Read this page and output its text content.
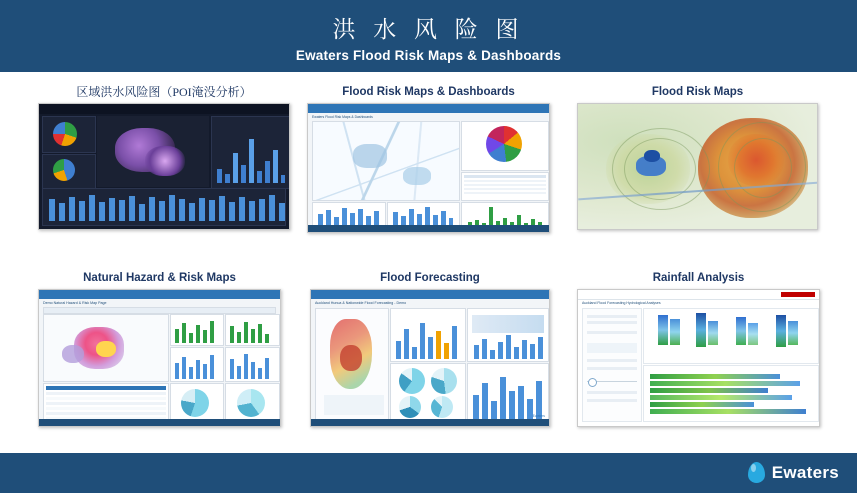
洪 水 风 险 图
Ewaters Flood Risk Maps & Dashboards
区域洪水风险图（POI淹没分析）	Flood Risk Maps & Dashboards
Ewaters Flood Risk Maps & Dashboards
Flood Risk Maps
Natural Hazard & Risk Maps
Demo Natural Hazard & Risk Map Page
Flood Forecasting
Auckland Hunua & Nationwide Flood Forecasting - Demo
Ewaters
Rainfall Analysis
Auckland Flood Forecasting Hydrological Analyses
Ewaters
